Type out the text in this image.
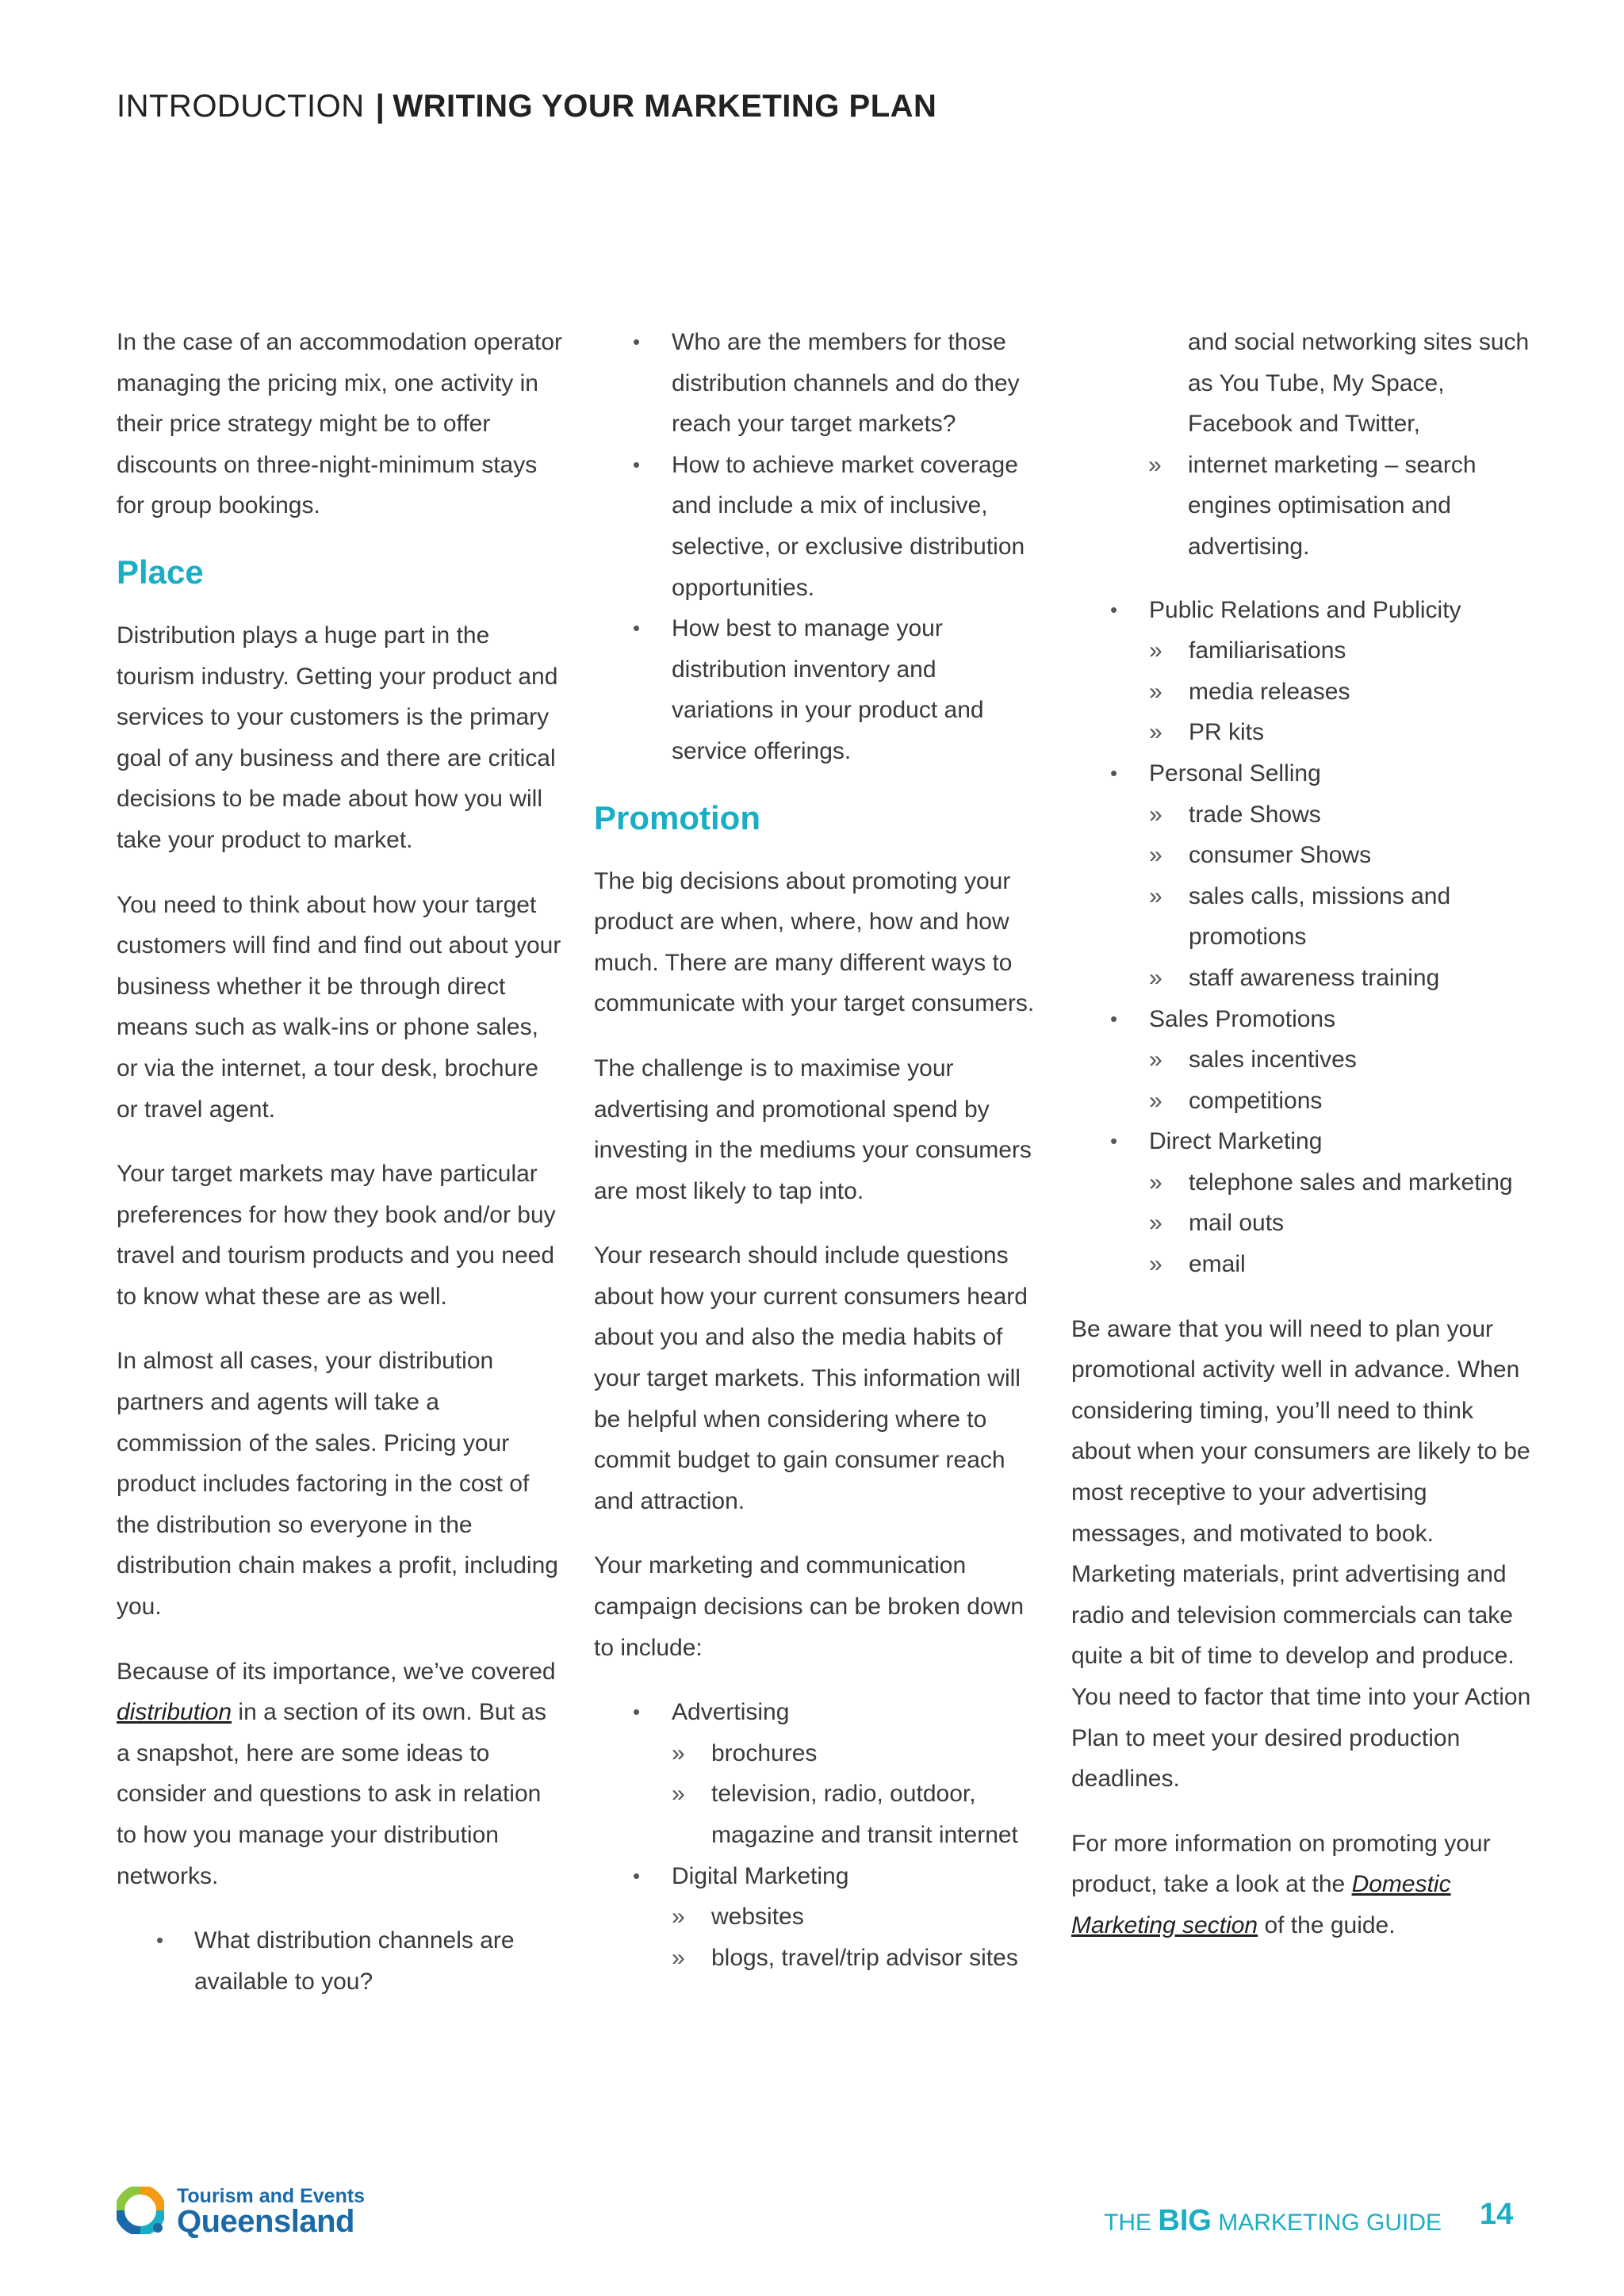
INTRODUCTION | WRITING YOUR MARKETING PLAN

In the case of an accommodation operator managing the pricing mix, one activity in their price strategy might be to offer discounts on three-night-minimum stays for group bookings.

Place

Distribution plays a huge part in the tourism industry. Getting your product and services to your customers is the primary goal of any business and there are critical decisions to be made about how you will take your product to market.

You need to think about how your target customers will find and find out about your business whether it be through direct means such as walk-ins or phone sales, or via the internet, a tour desk, brochure or travel agent.

Your target markets may have particular preferences for how they book and/or buy travel and tourism products and you need to know what these are as well.

In almost all cases, your distribution partners and agents will take a commission of the sales. Pricing your product includes factoring in the cost of the distribution so everyone in the distribution chain makes a profit, including you.

Because of its importance, we’ve covered distribution in a section of its own. But as a snapshot, here are some ideas to consider and questions to ask in relation to how you manage your distribution networks.

• What distribution channels are available to you?
• Who are the members for those distribution channels and do they reach your target markets?
• How to achieve market coverage and include a mix of inclusive, selective, or exclusive distribution opportunities.
• How best to manage your distribution inventory and variations in your product and service offerings.
Promotion

The big decisions about promoting your product are when, where, how and how much. There are many different ways to communicate with your target consumers.

The challenge is to maximise your advertising and promotional spend by investing in the mediums your consumers are most likely to tap into.

Your research should include questions about how your current consumers heard about you and also the media habits of your target markets. This information will be helpful when considering where to commit budget to gain consumer reach and attraction.

Your marketing and communication campaign decisions can be broken down to include:

• Advertising
» brochures
» television, radio, outdoor, magazine and transit internet
• Digital Marketing
» websites
» blogs, travel/trip advisor sites
and social networking sites such as You Tube, My Space, Facebook and Twitter,
» internet marketing – search engines optimisation and advertising.
• Public Relations and Publicity
» familiarisations
» media releases
» PR kits
• Personal Selling
» trade Shows
» consumer Shows
» sales calls, missions and promotions
» staff awareness training
• Sales Promotions
» sales incentives
» competitions
• Direct Marketing
» telephone sales and marketing
» mail outs
» email

Be aware that you will need to plan your promotional activity well in advance. When considering timing, you’ll need to think about when your consumers are likely to be most receptive to your advertising messages, and motivated to book. Marketing materials, print advertising and radio and television commercials can take quite a bit of time to develop and produce. You need to factor that time into your Action Plan to meet your desired production deadlines.

For more information on promoting your product, take a look at the Domestic Marketing section of the guide.

Tourism and Events
Queensland	THE BIG MARKETING GUIDE 14
